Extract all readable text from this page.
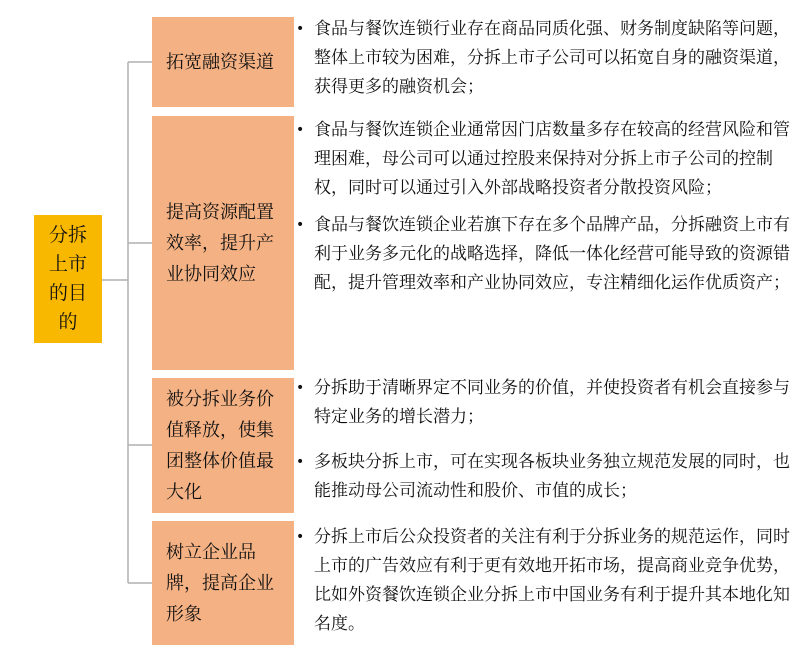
分拆上市的目的
拓宽融资渠道
• 食品与餐饮连锁行业存在商品同质化强、财务制度缺陷等问题，整体上市较为困难，分拆上市子公司可以拓宽自身的融资渠道，获得更多的融资机会；
提高资源配置效率，提升产业协同效应
• 食品与餐饮连锁企业通常因门店数量多存在较高的经营风险和管理困难，母公司可以通过控股来保持对分拆上市子公司的控制权，同时可以通过引入外部战略投资者分散投资风险；
• 食品与餐饮连锁企业若旗下存在多个品牌产品，分拆融资上市有利于业务多元化的战略选择，降低一体化经营可能导致的资源错配，提升管理效率和产业协同效应，专注精细化运作优质资产；
被分拆业务价值释放，使集团整体价值最大化
• 分拆助于清晰界定不同业务的价值，并使投资者有机会直接参与特定业务的增长潜力；
• 多板块分拆上市，可在实现各板块业务独立规范发展的同时，也能推动母公司流动性和股价、市值的成长；
树立企业品牌，提高企业形象
• 分拆上市后公众投资者的关注有利于分拆业务的规范运作，同时上市的广告效应有利于更有效地开拓市场，提高商业竞争优势，比如外资餐饮连锁企业分拆上市中国业务有利于提升其本地化知名度。
